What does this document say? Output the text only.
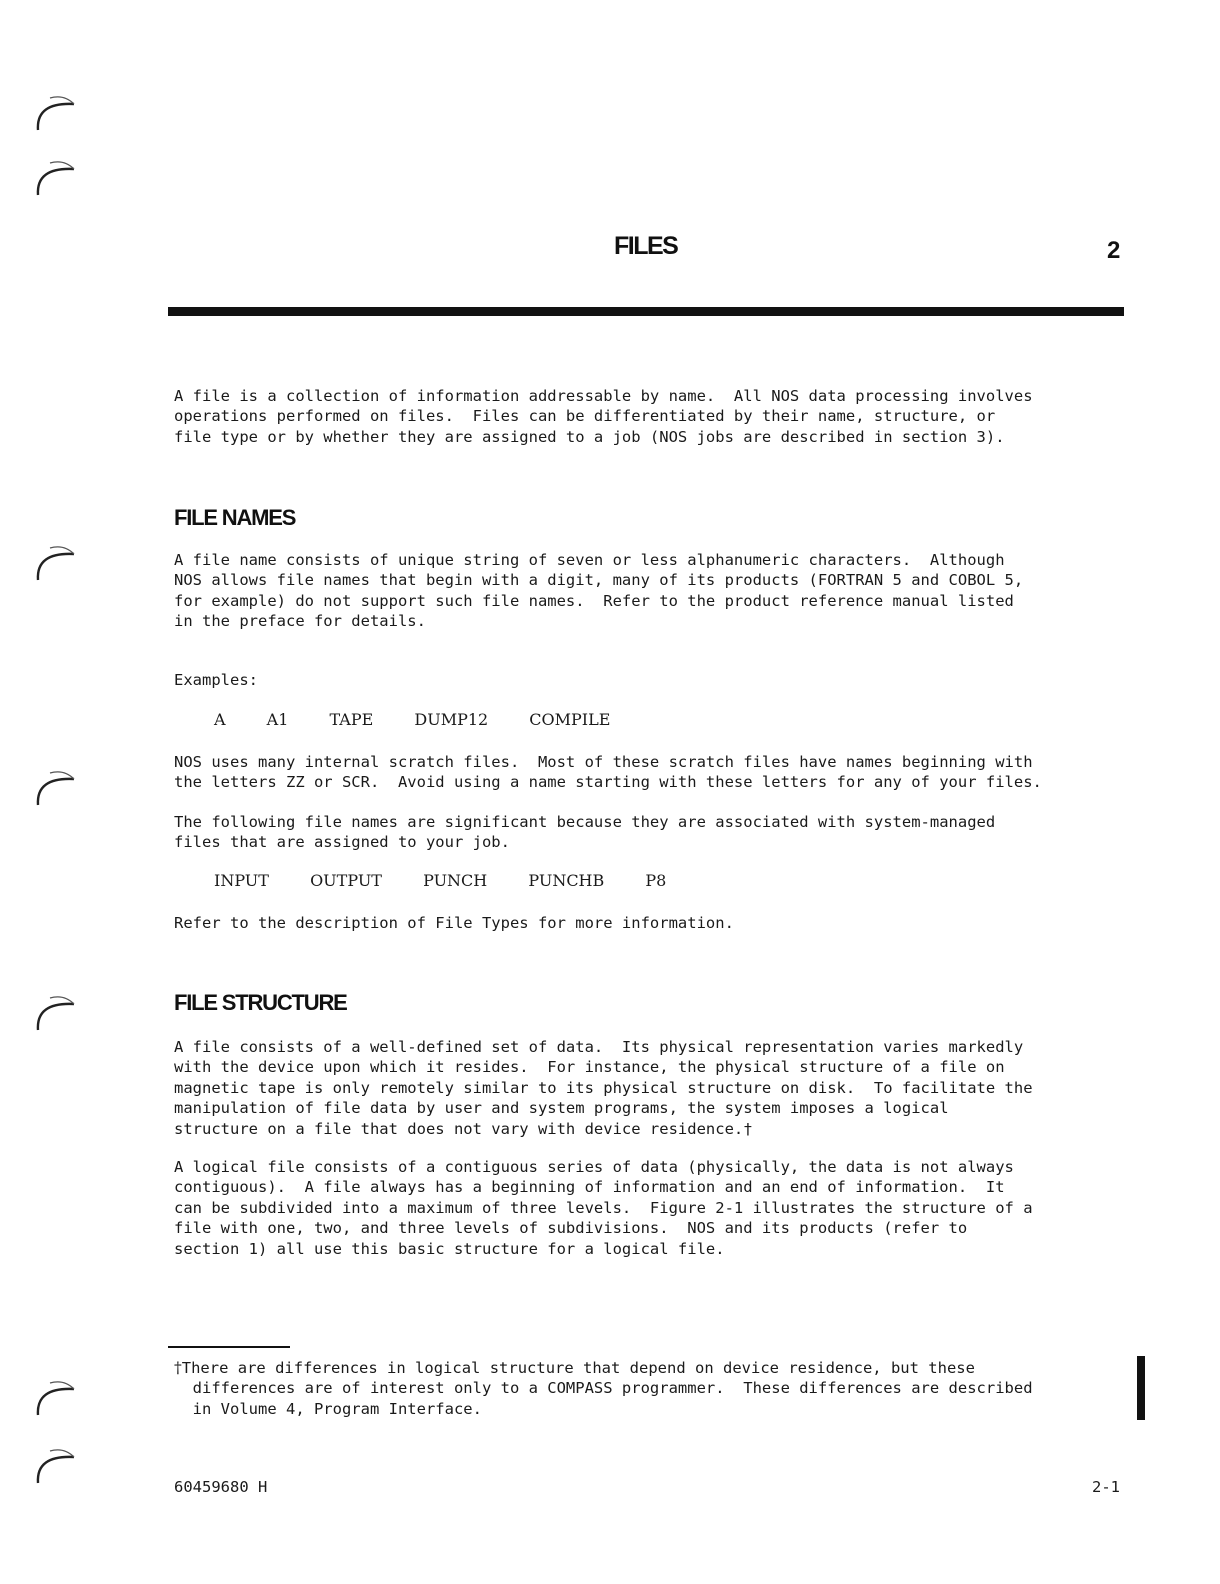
FILES	2

A file is a collection of information addressable by name.  All NOS data processing involves
operations performed on files.  Files can be differentiated by their name, structure, or
file type or by whether they are assigned to a job (NOS jobs are described in section 3).

FILE NAMES

A file name consists of unique string of seven or less alphanumeric characters.  Although
NOS allows file names that begin with a digit, many of its products (FORTRAN 5 and COBOL 5,
for example) do not support such file names.  Refer to the product reference manual listed
in the preface for details.

Examples:

A	A1	TAPE	DUMP12	COMPILE

NOS uses many internal scratch files.  Most of these scratch files have names beginning with
the letters ZZ or SCR.  Avoid using a name starting with these letters for any of your files.

The following file names are significant because they are associated with system-managed
files that are assigned to your job.

INPUT	OUTPUT	PUNCH	PUNCHB	P8

Refer to the description of File Types for more information.

FILE STRUCTURE

A file consists of a well-defined set of data.  Its physical representation varies markedly
with the device upon which it resides.  For instance, the physical structure of a file on
magnetic tape is only remotely similar to its physical structure on disk.  To facilitate the
manipulation of file data by user and system programs, the system imposes a logical
structure on a file that does not vary with device residence.†

A logical file consists of a contiguous series of data (physically, the data is not always
contiguous).  A file always has a beginning of information and an end of information.  It
can be subdivided into a maximum of three levels.  Figure 2-1 illustrates the structure of a
file with one, two, and three levels of subdivisions.  NOS and its products (refer to
section 1) all use this basic structure for a logical file.

†There are differences in logical structure that depend on device residence, but these
differences are of interest only to a COMPASS programmer.  These differences are described
in Volume 4, Program Interface.

60459680 H	2-1
